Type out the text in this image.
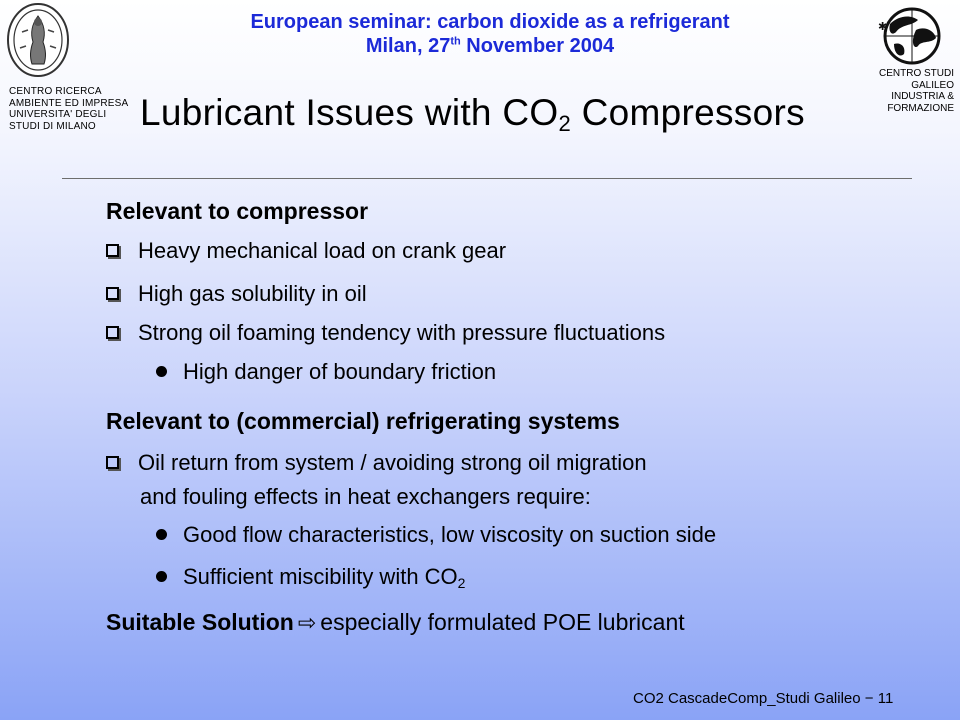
CENTRO RICERCA
AMBIENTE ED IMPRESA
UNIVERSITA' DEGLI
STUDI DI MILANO
✱
CENTRO STUDI
GALILEO
INDUSTRIA &
FORMAZIONE
European seminar: carbon dioxide as a refrigerant
Milan, 27th November 2004
Lubricant Issues with $CO_2$ Compressors
Relevant to compressor
Heavy mechanical load on crank gear
High gas solubility in oil
Strong oil foaming tendency with pressure fluctuations
High danger of boundary friction
Relevant to (commercial) refrigerating systems
Oil return from system / avoiding strong oil migration
and fouling effects in heat exchangers require:
Good flow characteristics, low viscosity on suction side
Sufficient miscibility with $CO_2$
Suitable Solution ⇨ especially formulated POE lubricant
CO2 CascadeComp_Studi Galileo − 11
